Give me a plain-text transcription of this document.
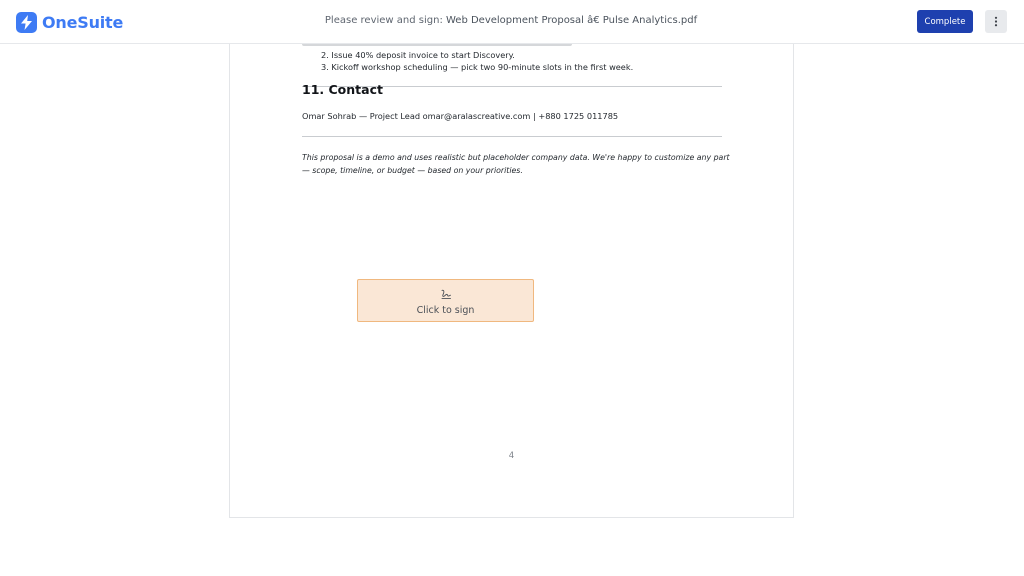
OneSuite	Please review and sign: Web Development Proposal â€ Pulse Analytics.pdf	Complete
2. Issue 40% deposit invoice to start Discovery.
3. Kickoff workshop scheduling — pick two 90-minute slots in the first week.
11. Contact
Omar Sohrab — Project Lead omar@aralascreative.com | +880 1725 011785
This proposal is a demo and uses realistic but placeholder company data. We're happy to customize any part — scope, timeline, or budget — based on your priorities.
Click to sign
4
